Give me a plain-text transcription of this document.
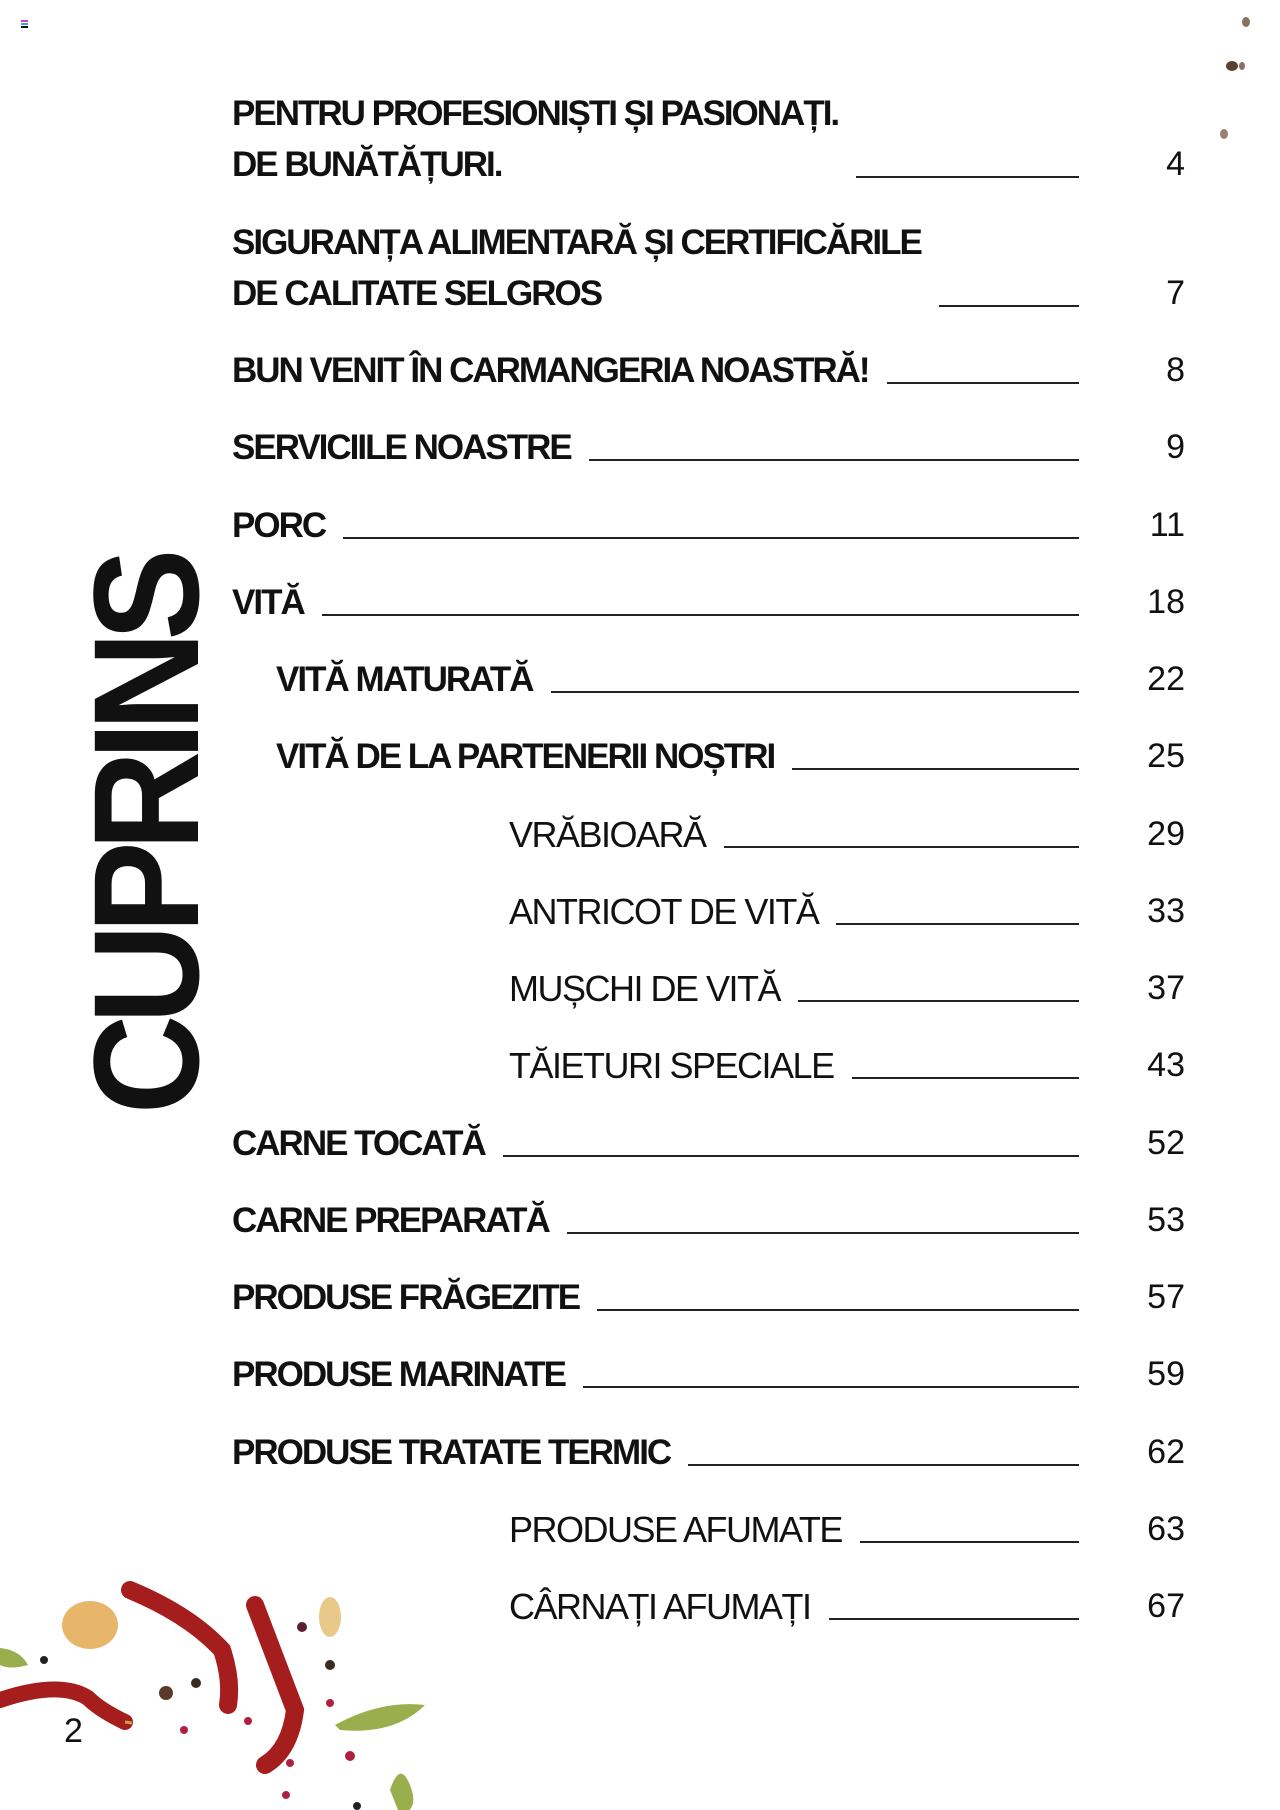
CUPRINS
PENTRU PROFESIONIȘTI ȘI PASIONAȚI.
DE BUNĂTĂȚURI.	4
SIGURANȚA ALIMENTARĂ ȘI CERTIFICĂRILE
DE CALITATE SELGROS	7
BUN VENIT ÎN CARMANGERIA NOASTRĂ!	8
SERVICIILE NOASTRE	9
PORC	11
VITĂ	18
VITĂ MATURATĂ	22
VITĂ DE LA PARTENERII NOȘTRI	25
VRĂBIOARĂ	29
ANTRICOT DE VITĂ	33
MUȘCHI DE VITĂ	37
TĂIETURI SPECIALE	43
CARNE TOCATĂ	52
CARNE PREPARATĂ	53
PRODUSE FRĂGEZITE	57
PRODUSE MARINATE	59
PRODUSE TRATATE TERMIC	62
PRODUSE AFUMATE	63
CÂRNAȚI AFUMAȚI	67
2
